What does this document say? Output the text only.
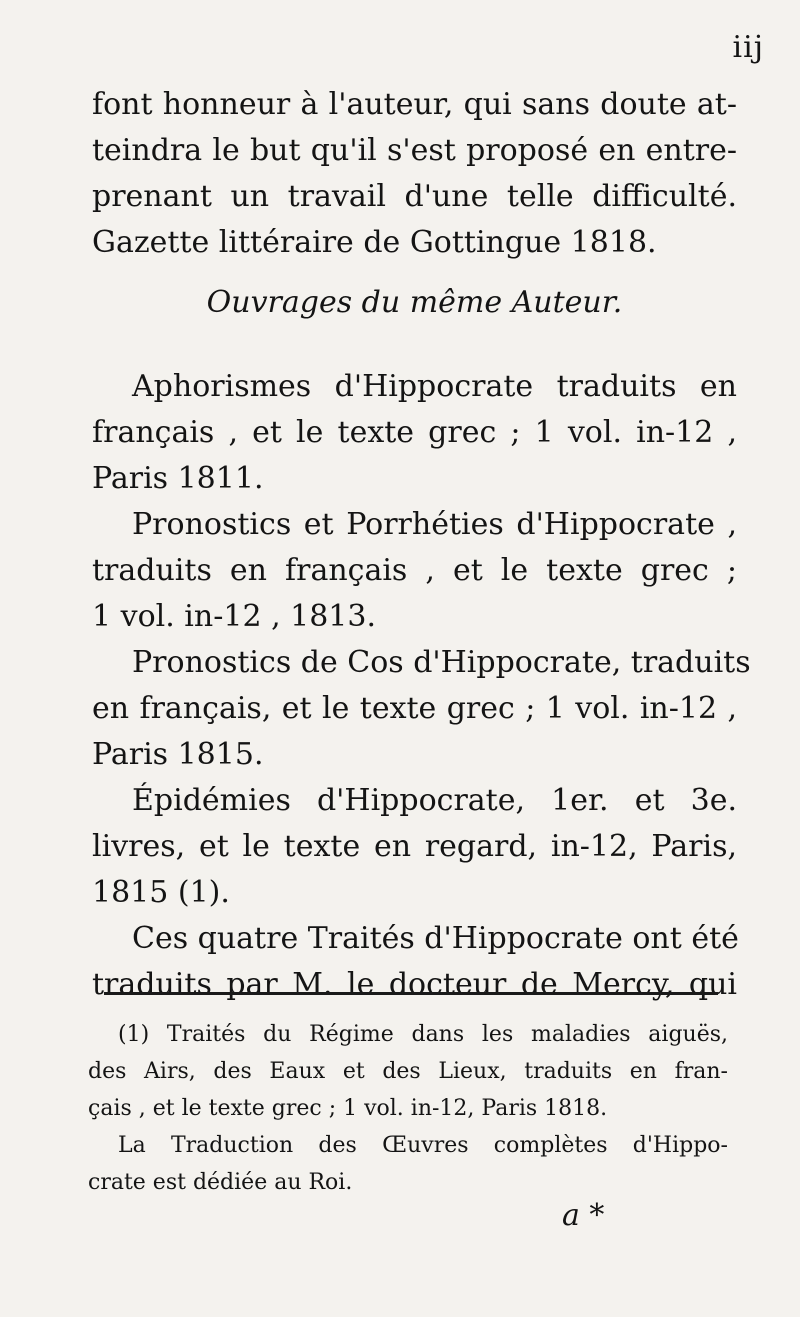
iij
font honneur à l'auteur, qui sans doute at-
teindra le but qu'il s'est proposé en entre-
prenant un travail d'une telle difficulté.
Gazette littéraire de Gottingue 1818.
Ouvrages du même Auteur.
Aphorismes d'Hippocrate traduits en
français , et le texte grec ; 1 vol. in-12 ,
Paris 1811.
Pronostics et Porrhéties d'Hippocrate ,
traduits en français , et le texte grec ;
1 vol. in-12 , 1813.
Pronostics de Cos d'Hippocrate, traduits
en français, et le texte grec ; 1 vol. in-12 ,
Paris 1815.
Épidémies d'Hippocrate, 1er. et 3e.
livres, et le texte en regard, in-12, Paris,
1815 (1).
Ces quatre Traités d'Hippocrate ont été
traduits par M. le docteur de Mercy, qui
(1) Traités du Régime dans les maladies aiguës,
des Airs, des Eaux et des Lieux, traduits en fran-
çais , et le texte grec ; 1 vol. in-12, Paris 1818.
La Traduction des Œuvres complètes d'Hippo-
crate est dédiée au Roi.
a *
